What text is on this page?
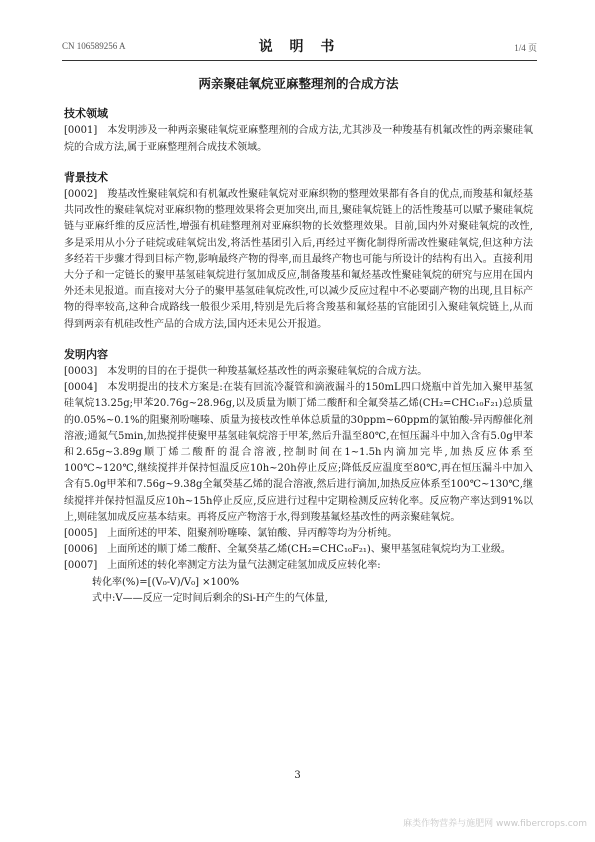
CN 106589256 A	说 明 书	1/4 页
两亲聚硅氧烷亚麻整理剂的合成方法
技术领域

[0001] 本发明涉及一种两亲聚硅氧烷亚麻整理剂的合成方法,尤其涉及一种羧基有机氟改性的两亲聚硅氧烷的合成方法,属于亚麻整理剂合成技术领域。

背景技术

[0002] 羧基改性聚硅氧烷和有机氟改性聚硅氧烷对亚麻织物的整理效果都有各自的优点,而羧基和氟烃基共同改性的聚硅氧烷对亚麻织物的整理效果将会更加突出,而且,聚硅氧烷链上的活性羧基可以赋予聚硅氧烷链与亚麻纤维的反应活性,增强有机硅整理剂对亚麻织物的长效整理效果。目前,国内外对聚硅氧烷的改性,多是采用从小分子硅烷或硅氧烷出发,将活性基团引入后,再经过平衡化制得所需改性聚硅氧烷,但这种方法多经若干步骤才得到目标产物,影响最终产物的得率,而且最终产物也可能与所设计的结构有出入。直接利用大分子和一定链长的聚甲基氢硅氧烷进行氢加成反应,制备羧基和氟烃基改性聚硅氧烷的研究与应用在国内外还未见报道。而直接对大分子的聚甲基氢硅氧烷改性,可以减少反应过程中不必要副产物的出现,且目标产物的得率较高,这种合成路线一般很少采用,特别是先后将含羧基和氟烃基的官能团引入聚硅氧烷链上,从而得到两亲有机硅改性产品的合成方法,国内还未见公开报道。

发明内容

[0003] 本发明的目的在于提供一种羧基氟烃基改性的两亲聚硅氧烷的合成方法。

[0004] 本发明提出的技术方案是:在装有回流冷凝管和滴液漏斗的150mL四口烧瓶中首先加入聚甲基氢硅氧烷13.25g;甲苯20.76g~28.96g,以及质量为顺丁烯二酸酐和全氟癸基乙烯(CH₂=CHC₁₀F₂₁)总质量的0.05%~0.1%的阻聚剂吩噻嗪、质量为接枝改性单体总质量的30ppm~60ppm的氯铂酸-异丙醇催化剂溶液;通氮气5min,加热搅拌使聚甲基氢硅氧烷溶于甲苯,然后升温至80℃,在恒压漏斗中加入含有5.0g甲苯和2.65g~3.89g顺丁烯二酸酐的混合溶液,控制时间在1~1.5h内滴加完毕,加热反应体系至100℃~120℃,继续搅拌并保持恒温反应10h~20h停止反应;降低反应温度至80℃,再在恒压漏斗中加入含有5.0g甲苯和7.56g~9.38g全氟癸基乙烯的混合溶液,然后进行滴加,加热反应体系至100℃~130℃,继续搅拌并保持恒温反应10h~15h停止反应,反应进行过程中定期检测反应转化率。反应物产率达到91%以上,则硅氢加成反应基本结束。再将反应产物溶于水,得到羧基氟烃基改性的两亲聚硅氧烷。

[0005] 上面所述的甲苯、阻聚剂吩噻嗪、氯铂酸、异丙醇等均为分析纯。

[0006] 上面所述的顺丁烯二酸酐、全氟癸基乙烯(CH₂=CHC₁₀F₂₁)、聚甲基氢硅氧烷均为工业级。

[0007] 上面所述的转化率测定方法为量气法测定硅氢加成反应转化率:

转化率(%)=[(V₀-V)/V₀] ×100%

式中:V——反应一定时间后剩余的Si-H产生的气体量,

3
麻类作物营养与施肥网 www.fibercrops.com
